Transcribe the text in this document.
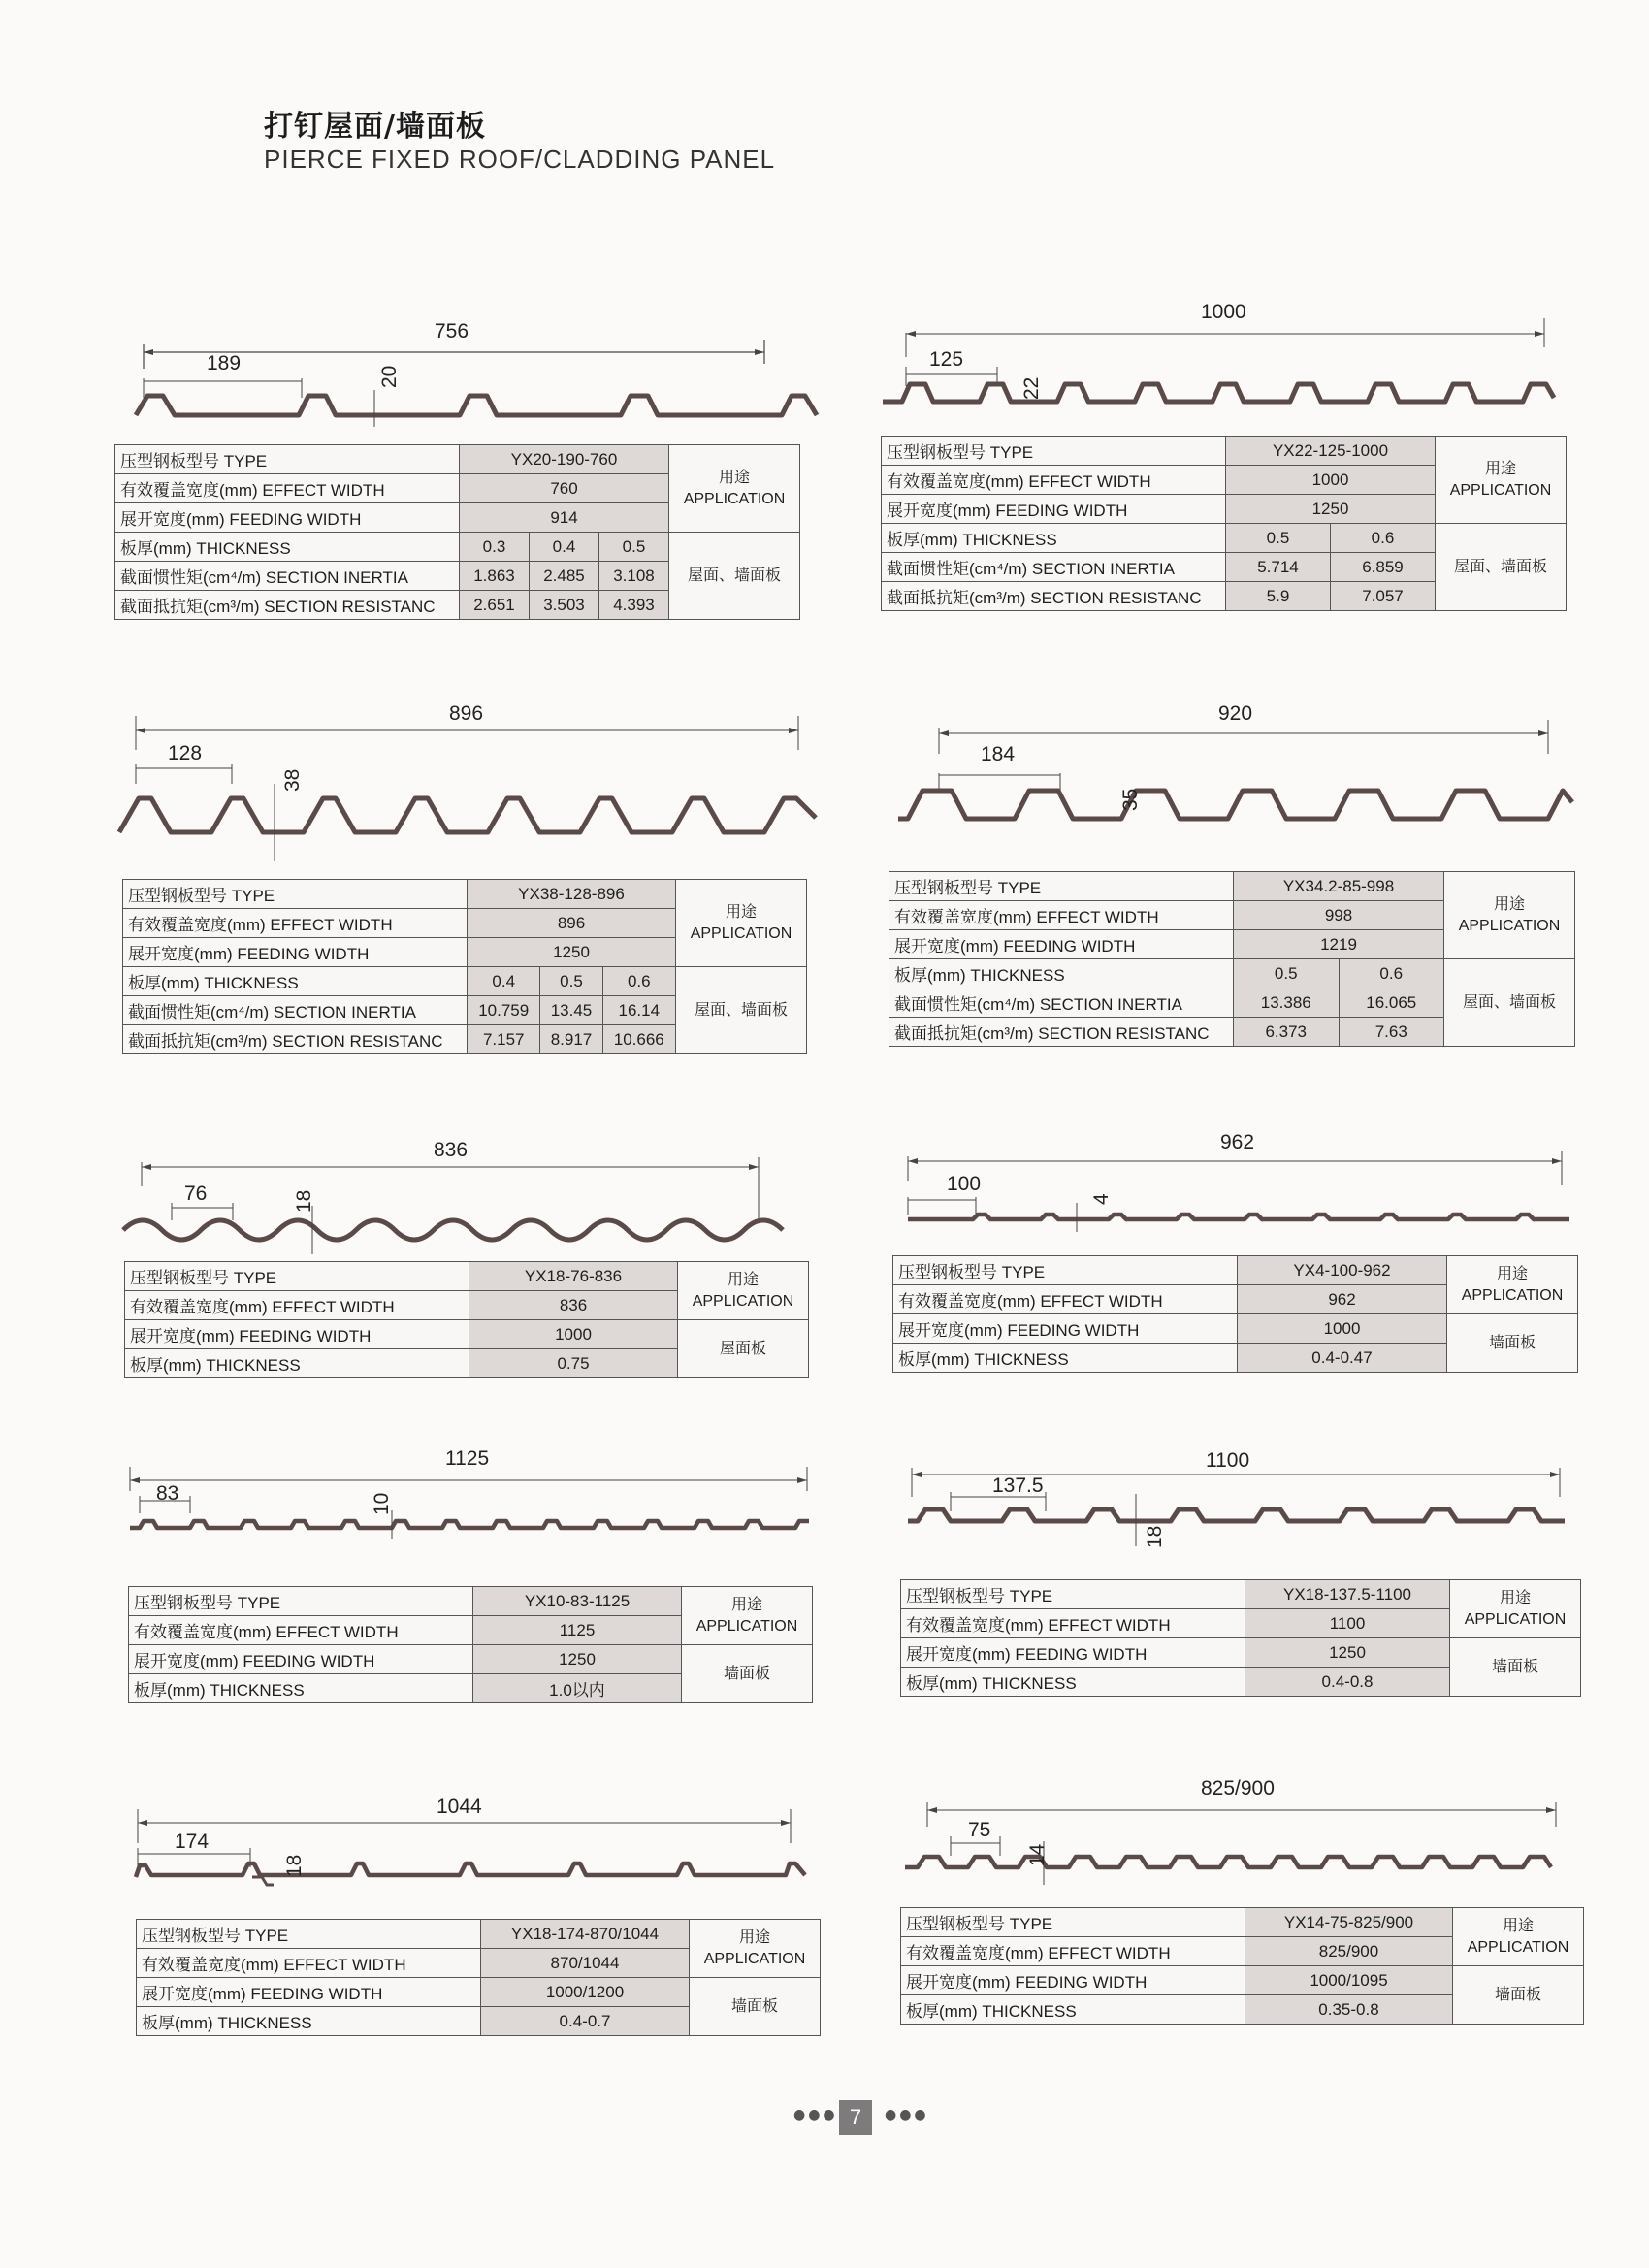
打钉屋面/墙面板
PIERCE FIXED ROOF/CLADDING PANEL
756
189
20
压型钢板型号 TYPE	YX20-190-760			用途
APPLICATION
有效覆盖宽度(mm) EFFECT WIDTH	760			
展开宽度(mm) FEEDING WIDTH	914			
板厚(mm) THICKNESS	0.3	0.4	0.5	屋面、墙面板
截面惯性矩(cm⁴/m) SECTION INERTIA	1.863	2.485	3.108	
截面抵抗矩(cm³/m) SECTION RESISTANC	2.651	3.503	4.393	
1000
125
22
压型钢板型号 TYPE	YX22-125-1000		用途
APPLICATION
有效覆盖宽度(mm) EFFECT WIDTH	1000		
展开宽度(mm) FEEDING WIDTH	1250		
板厚(mm) THICKNESS	0.5	0.6	屋面、墙面板
截面惯性矩(cm⁴/m) SECTION INERTIA	5.714	6.859	
截面抵抗矩(cm³/m) SECTION RESISTANC	5.9	7.057	
896
128
38
压型钢板型号 TYPE	YX38-128-896			用途
APPLICATION
有效覆盖宽度(mm) EFFECT WIDTH	896			
展开宽度(mm) FEEDING WIDTH	1250			
板厚(mm) THICKNESS	0.4	0.5	0.6	屋面、墙面板
截面惯性矩(cm⁴/m) SECTION INERTIA	10.759	13.45	16.14	
截面抵抗矩(cm³/m) SECTION RESISTANC	7.157	8.917	10.666	
920
184
35
压型钢板型号 TYPE	YX34.2-85-998		用途
APPLICATION
有效覆盖宽度(mm) EFFECT WIDTH	998		
展开宽度(mm) FEEDING WIDTH	1219		
板厚(mm) THICKNESS	0.5	0.6	屋面、墙面板
截面惯性矩(cm⁴/m) SECTION INERTIA	13.386	16.065	
截面抵抗矩(cm³/m) SECTION RESISTANC	6.373	7.63	
836
76	18
压型钢板型号 TYPE	YX18-76-836	用途
APPLICATION
有效覆盖宽度(mm) EFFECT WIDTH	836	
展开宽度(mm) FEEDING WIDTH	1000	屋面板
板厚(mm) THICKNESS	0.75	
962
100
4
压型钢板型号 TYPE	YX4-100-962	用途
APPLICATION
有效覆盖宽度(mm) EFFECT WIDTH	962	
展开宽度(mm) FEEDING WIDTH	1000	墙面板
板厚(mm) THICKNESS	0.4-0.47	
1125
83	10
压型钢板型号 TYPE	YX10-83-1125	用途
APPLICATION
有效覆盖宽度(mm) EFFECT WIDTH	1125	
展开宽度(mm) FEEDING WIDTH	1250	墙面板
板厚(mm) THICKNESS	1.0以内	
1100
137.5
18
压型钢板型号 TYPE	YX18-137.5-1100	用途
APPLICATION
有效覆盖宽度(mm) EFFECT WIDTH	1100	
展开宽度(mm) FEEDING WIDTH	1250	墙面板
板厚(mm) THICKNESS	0.4-0.8	
1044
174
18
压型钢板型号 TYPE	YX18-174-870/1044	用途
APPLICATION
有效覆盖宽度(mm) EFFECT WIDTH	870/1044	
展开宽度(mm) FEEDING WIDTH	1000/1200	墙面板
板厚(mm) THICKNESS	0.4-0.7	
825/900
75
14
压型钢板型号 TYPE	YX14-75-825/900	用途
APPLICATION
有效覆盖宽度(mm) EFFECT WIDTH	825/900	
展开宽度(mm) FEEDING WIDTH	1000/1095	墙面板
板厚(mm) THICKNESS	0.35-0.8	
●●● 7	●●●
